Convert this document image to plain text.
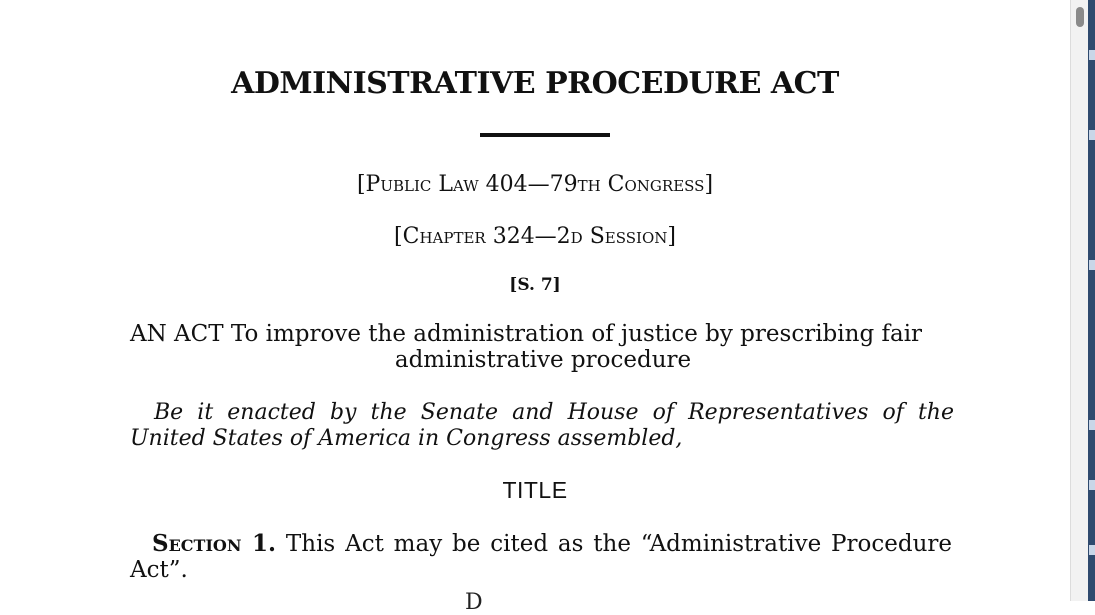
ADMINISTRATIVE PROCEDURE ACT
[Public Law 404—79th Congress]
[Chapter 324—2d Session]
[S. 7]
AN ACT To improve the administration of justice by prescribing fair
administrative procedure
Be it enacted by the Senate and House of Representatives of the United States of America in Congress assembled,
TITLE
Section 1. This Act may be cited as the “Administrative Procedure Act”.
D
